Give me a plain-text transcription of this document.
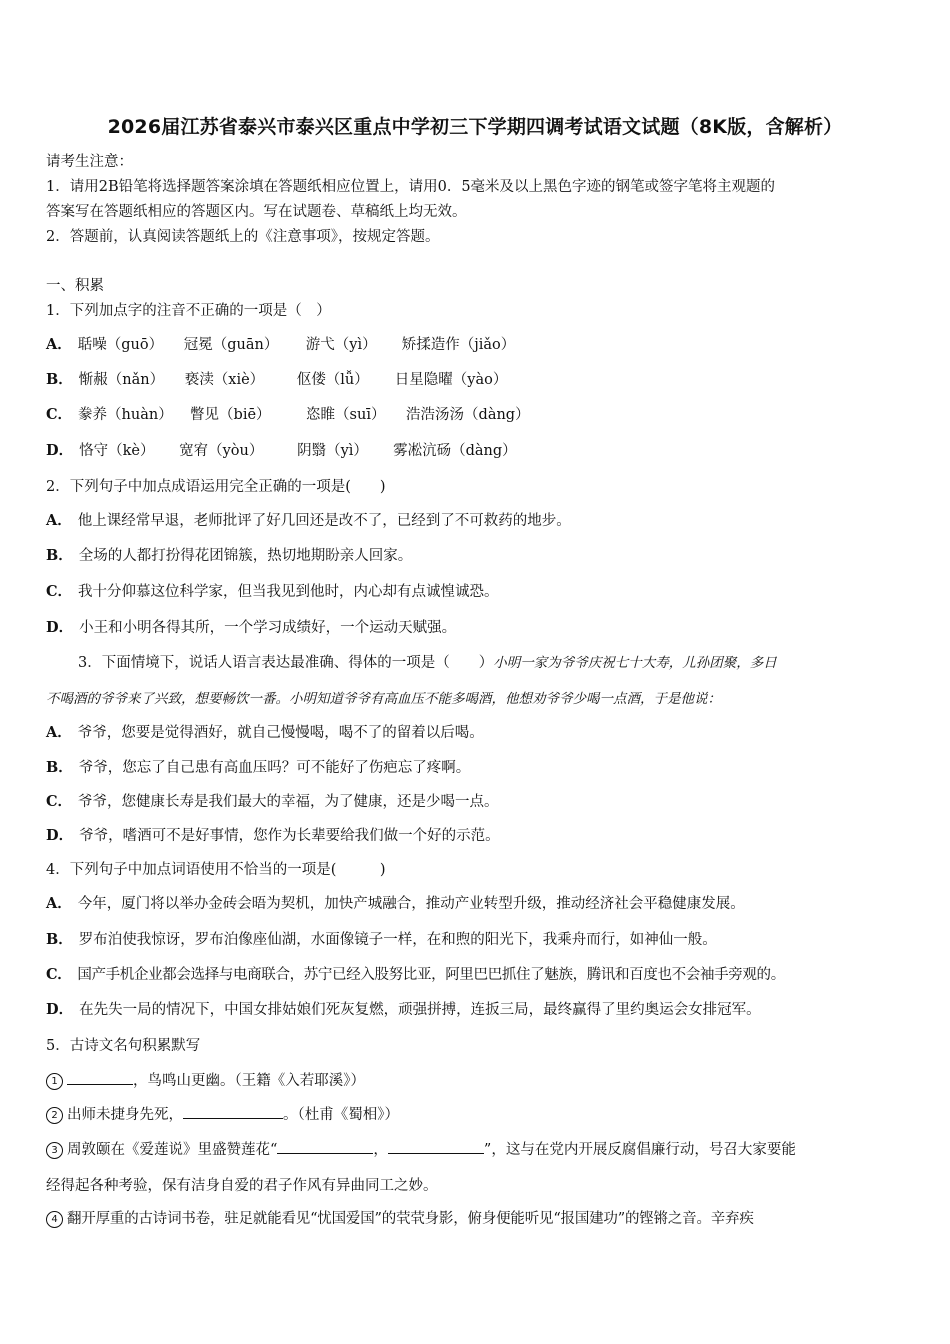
2026届江苏省泰兴市泰兴区重点中学初三下学期四调考试语文试题（8K版，含解析）
请考生注意：
1．请用2B铅笔将选择题答案涂填在答题纸相应位置上，请用0．5毫米及以上黑色字迹的钢笔或签字笔将主观题的
答案写在答题纸相应的答题区内。写在试题卷、草稿纸上均无效。
2．答题前，认真阅读答题纸上的《注意事项》，按规定答题。
一、积累
1．下列加点字的注音不正确的一项是（　）
A． 聒噪（guō） 冠冕（guān） 游弋（yì） 矫揉造作（jiǎo）
B． 惭赧（nǎn） 亵渎（xiè） 伛偻（lǚ） 日星隐曜（yào）
C． 豢养（huàn） 瞥见（biē） 恣睢（suī） 浩浩汤汤（dàng）
D． 恪守（kè） 宽宥（yòu） 阴翳（yì） 雾凇沆砀（dàng）
2．下列句子中加点成语运用完全正确的一项是(　　)
A． 他上课经常早退，老师批评了好几回还是改不了，已经到了不可救药的地步。
B． 全场的人都打扮得花团锦簇，热切地期盼亲人回家。
C． 我十分仰慕这位科学家，但当我见到他时，内心却有点诚惶诚恐。
D． 小王和小明各得其所，一个学习成绩好，一个运动天赋强。
3．下面情境下，说话人语言表达最准确、得体的一项是（　　）小明一家为爷爷庆祝七十大寿，儿孙团聚，多日
不喝酒的爷爷来了兴致，想要畅饮一番。小明知道爷爷有高血压不能多喝酒，他想劝爷爷少喝一点酒，于是他说：
A． 爷爷，您要是觉得酒好，就自己慢慢喝，喝不了的留着以后喝。
B． 爷爷，您忘了自己患有高血压吗？可不能好了伤疤忘了疼啊。
C． 爷爷，您健康长寿是我们最大的幸福，为了健康，还是少喝一点。
D． 爷爷，嗜酒可不是好事情，您作为长辈要给我们做一个好的示范。
4．下列句子中加点词语使用不恰当的一项是(　　　)
A． 今年，厦门将以举办金砖会晤为契机，加快产城融合，推动产业转型升级，推动经济社会平稳健康发展。
B． 罗布泊使我惊讶，罗布泊像座仙湖，水面像镜子一样，在和煦的阳光下，我乘舟而行，如神仙一般。
C． 国产手机企业都会选择与电商联合，苏宁已经入股努比亚，阿里巴巴抓住了魅族，腾讯和百度也不会袖手旁观的。
D． 在先失一局的情况下，中国女排姑娘们死灰复燃，顽强拼搏，连扳三局，最终赢得了里约奥运会女排冠军。
5．古诗文名句积累默写
1	，鸟鸣山更幽。（王籍《入若耶溪》）
2 出师未捷身先死，	。（杜甫《蜀相》）
3 周敦颐在《爱莲说》里盛赞莲花“	，	”，这与在党内开展反腐倡廉行动，号召大家要能
经得起各种考验，保有洁身自爱的君子作风有异曲同工之妙。
4 翻开厚重的古诗词书卷，驻足就能看见“忧国爱国”的茕茕身影，俯身便能听见“报国建功”的铿锵之音。辛弃疾
